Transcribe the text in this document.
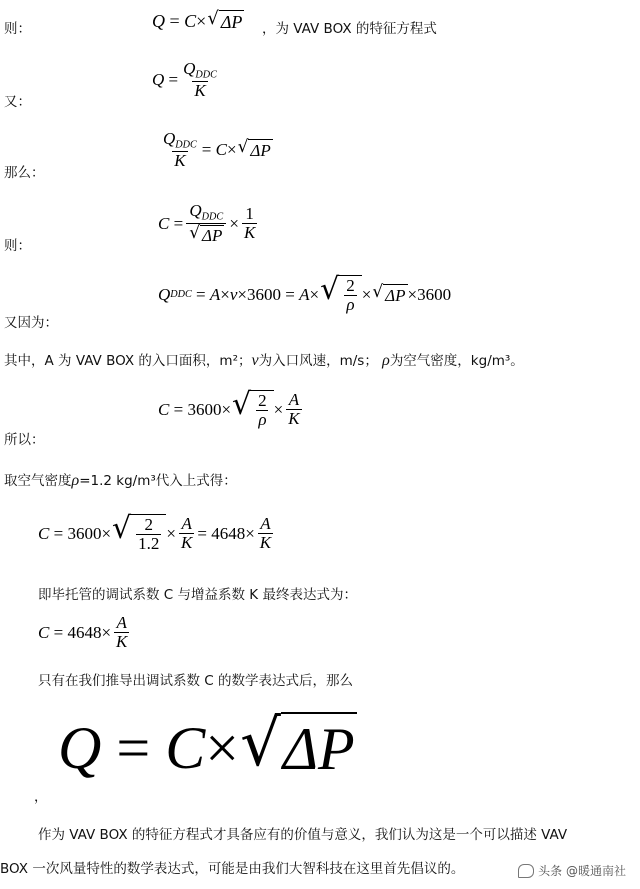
则：	Q
=
C × √ ΔP ，为 VAV BOX 的特征方程式
Q
= $\frac{Q_{DDC}}{K}$
又：
$\frac{Q_{DDC}}{K}$ =
C × √ ΔP
那么：
C
= $\frac{Q_{DDC}}{√ \Delta P} \times \frac{1}{K}$
则：
Q DDC
=
A × v × 3600
=
A × √ $\frac{2}{\rho}$ × √ ΔP × 3600
又因为：
其中，A 为 VAV BOX 的入口面积，m²；v为入口风速，m/s； ρ为空气密度，kg/m³。
C
=
3600 × √ $\frac{2}{\rho} \times \frac{A}{K}$
所以：
取空气密度ρ=1.2 kg/m³代入上式得：
C
=
3600 × √ $\frac{2}{1.2} \times \frac{A}{K}$ =
$4648 \times \frac{A}{K}$
即毕托管的调试系数 C 与增益系数 K 最终表达式为：
C
=
$4648 \times \frac{A}{K}$
只有在我们推导出调试系数 C 的数学表达式后，那么
Q
=
C × √ ΔP
，
作为 VAV BOX 的特征方程式才具备应有的价值与意义，我们认为这是一个可以描述 VAV
BOX 一次风量特性的数学表达式，可能是由我们大智科技在这里首先倡议的。	头条 @暖通南社
